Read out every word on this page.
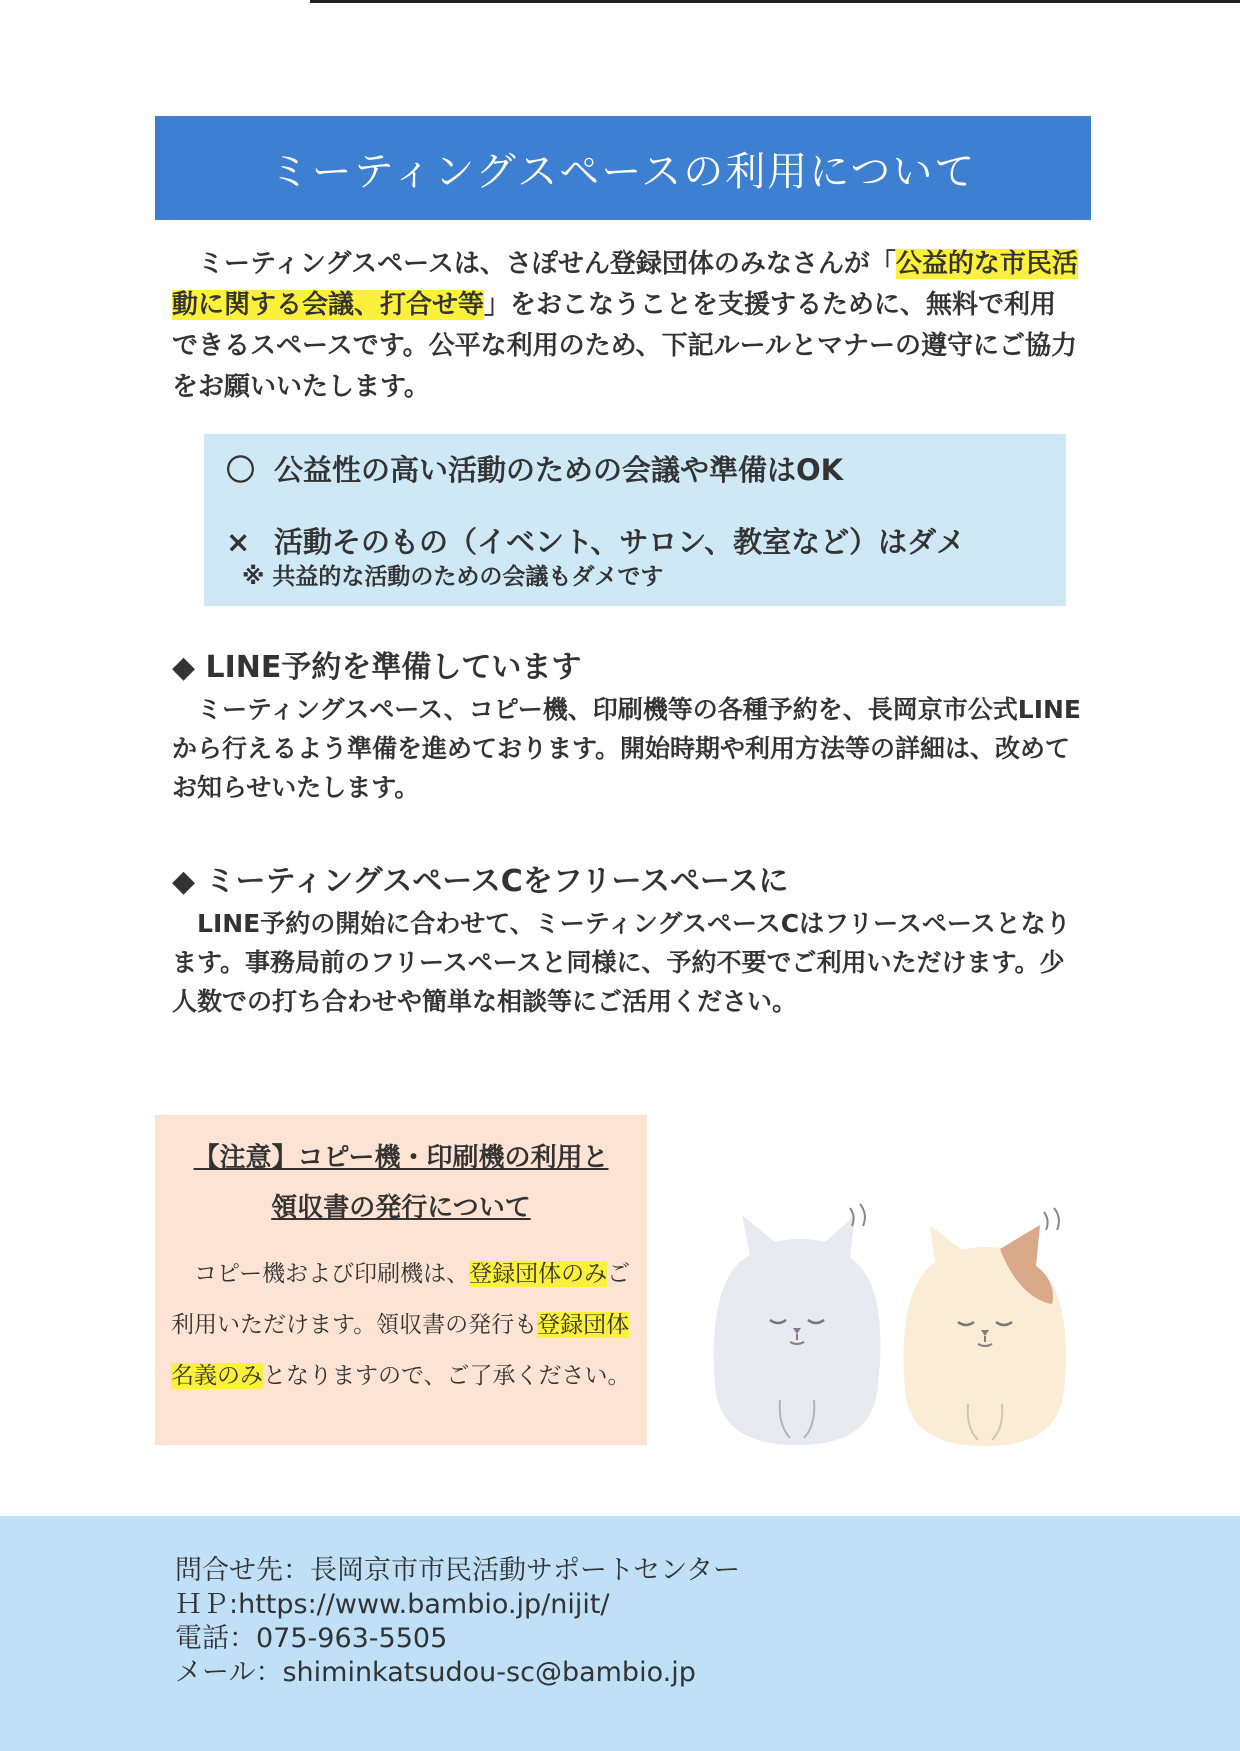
ミーティングスペースの利用について

　ミーティングスペースは、さぽせん登録団体のみなさんが「公益的な市民活動に関する会議、打合せ等」をおこなうことを支援するために、無料で利用できるスペースです。公平な利用のため、下記ルールとマナーの遵守にご協力をお願いいたします。

〇 公益性の高い活動のための会議や準備はOK
× 活動そのもの（イベント、サロン、教室など）はダメ
※ 共益的な活動のための会議もダメです
◆ LINE予約を準備しています

　ミーティングスペース、コピー機、印刷機等の各種予約を、長岡京市公式LINEから行えるよう準備を進めております。開始時期や利用方法等の詳細は、改めてお知らせいたします。

◆ ミーティングスペースCをフリースペースに

　LINE予約の開始に合わせて、ミーティングスペースCはフリースペースとなります。事務局前のフリースペースと同様に、予約不要でご利用いただけます。少人数での打ち合わせや簡単な相談等にご活用ください。

【注意】コピー機・印刷機の利用と
領収書の発行について

　コピー機および印刷機は、登録団体のみご利用いただけます。領収書の発行も登録団体名義のみとなりますので、ご了承ください。

問合せ先：長岡京市市民活動サポートセンター
ＨＰ:https://www.bambio.jp/nijit/
電話：075-963-5505
メール：shiminkatsudou-sc@bambio.jp
